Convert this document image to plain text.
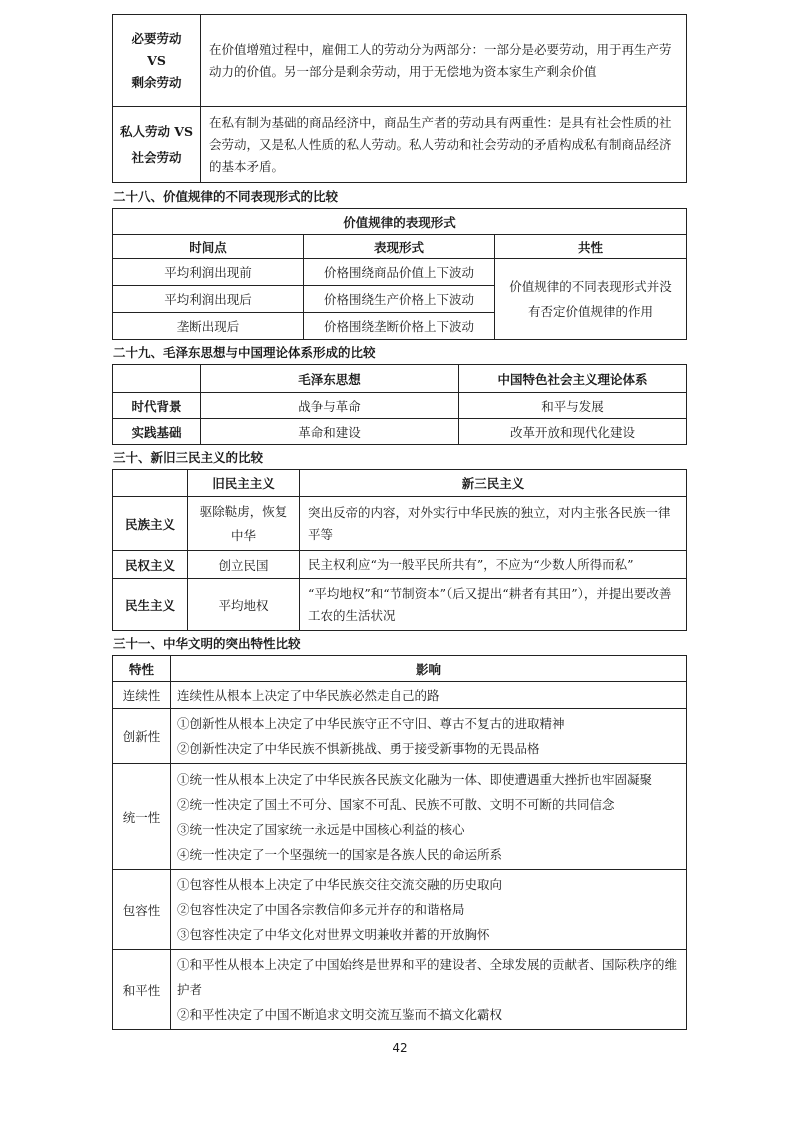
必要劳动
VS
剩余劳动	在价值增殖过程中，雇佣工人的劳动分为两部分：一部分是必要劳动，用于再生产劳动力的价值。另一部分是剩余劳动，用于无偿地为资本家生产剩余价值

私人劳动 VS
社会劳动	在私有制为基础的商品经济中，商品生产者的劳动具有两重性：是具有社会性质的社会劳动，又是私人性质的私人劳动。私人劳动和社会劳动的矛盾构成私有制商品经济的基本矛盾。
二十八、价值规律的不同表现形式的比较
价值规律的表现形式		
时间点	表现形式	共性
平均利润出现前	价格围绕商品价值上下波动	价值规律的不同表现形式并没有否定价值规律的作用

平均利润出现后	价格围绕生产价格上下波动	
垄断出现后	价格围绕垄断价格上下波动	
二十九、毛泽东思想与中国理论体系形成的比较
	毛泽东思想	中国特色社会主义理论体系
时代背景	战争与革命	和平与发展
实践基础	革命和建设	改革开放和现代化建设
三十、新旧三民主义的比较
	旧民主主义	新三民主义
民族主义	驱除鞑虏，恢复中华	突出反帝的内容，对外实行中华民族的独立，对内主张各民族一律平等

民权主义	创立民国	民主权利应“为一般平民所共有”，不应为“少数人所得而私”

民生主义	平均地权	“平均地权”和“节制资本”（后又提出“耕者有其田”），并提出要改善工农的生活状况
三十一、中华文明的突出特性比较
特性	影响
连续性	连续性从根本上决定了中华民族必然走自己的路

创新性	①创新性从根本上决定了中华民族守正不守旧、尊古不复古的进取精神
②创新性决定了中华民族不惧新挑战、勇于接受新事物的无畏品格

统一性	①统一性从根本上决定了中华民族各民族文化融为一体、即使遭遇重大挫折也牢固凝聚
②统一性决定了国土不可分、国家不可乱、民族不可散、文明不可断的共同信念
③统一性决定了国家统一永远是中国核心利益的核心
④统一性决定了一个坚强统一的国家是各族人民的命运所系

包容性	①包容性从根本上决定了中华民族交往交流交融的历史取向
②包容性决定了中国各宗教信仰多元并存的和谐格局
③包容性决定了中华文化对世界文明兼收并蓄的开放胸怀

和平性	①和平性从根本上决定了中国始终是世界和平的建设者、全球发展的贡献者、国际秩序的维护者
②和平性决定了中国不断追求文明交流互鉴而不搞文化霸权
42
